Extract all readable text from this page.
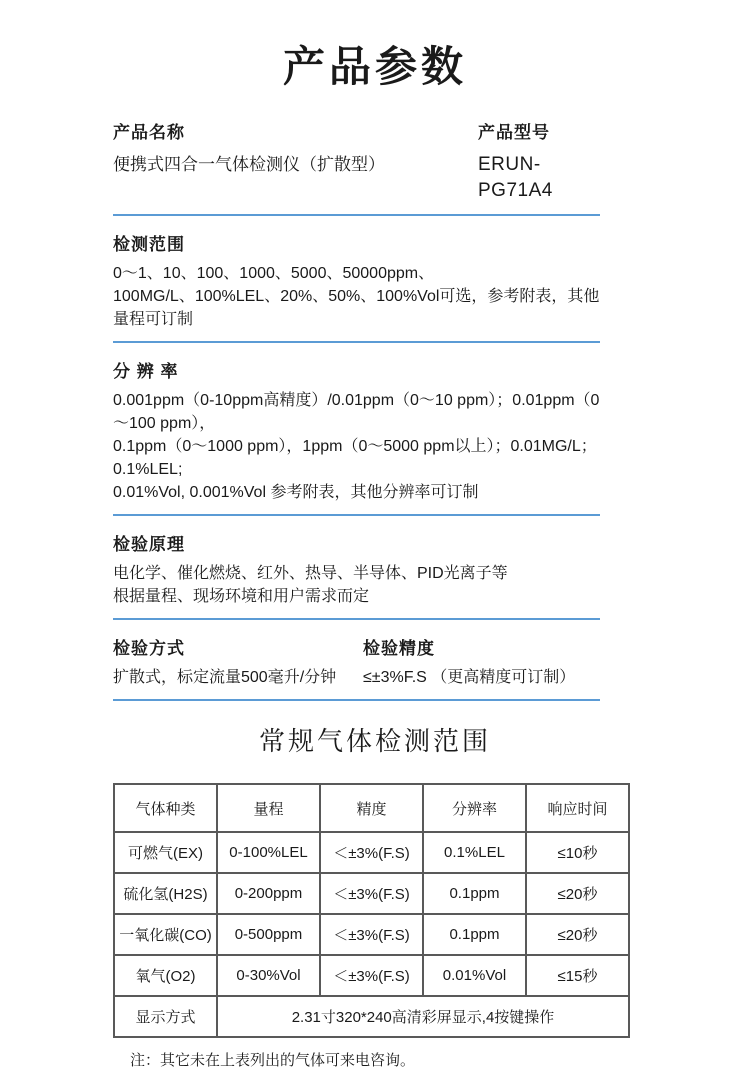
产品参数
产品名称
便携式四合一气体检测仪（扩散型）
产品型号
ERUN-PG71A4
检测范围
0～1、10、100、1000、5000、50000ppm、
100MG/L、100%LEL、20%、50%、100%Vol可选，参考附表，其他量程可订制
分 辨 率
0.001ppm（0-10ppm高精度）/0.01ppm（0～10 ppm）；0.01ppm（0～100 ppm），
0.1ppm（0～1000 ppm），1ppm（0～5000 ppm以上）；0.01MG/L；0.1%LEL;
0.01%Vol, 0.001%Vol 参考附表，其他分辨率可订制
检验原理
电化学、催化燃烧、红外、热导、半导体、PID光离子等
根据量程、现场环境和用户需求而定
检验方式
扩散式，标定流量500毫升/分钟
检验精度
≤±3%F.S （更高精度可订制）
常规气体检测范围
气体种类	量程	精度	分辨率	响应时间
可燃气(EX)	0-100%LEL	＜±3%(F.S)	0.1%LEL	≤10秒
硫化氢(H2S)	0-200ppm	＜±3%(F.S)	0.1ppm	≤20秒
一氧化碳(CO)	0-500ppm	＜±3%(F.S)	0.1ppm	≤20秒
氧气(O2)	0-30%Vol	＜±3%(F.S)	0.01%Vol	≤15秒
显示方式	2.31寸320*240高清彩屏显示,4按键操作			
注：其它未在上表列出的气体可来电咨询。
